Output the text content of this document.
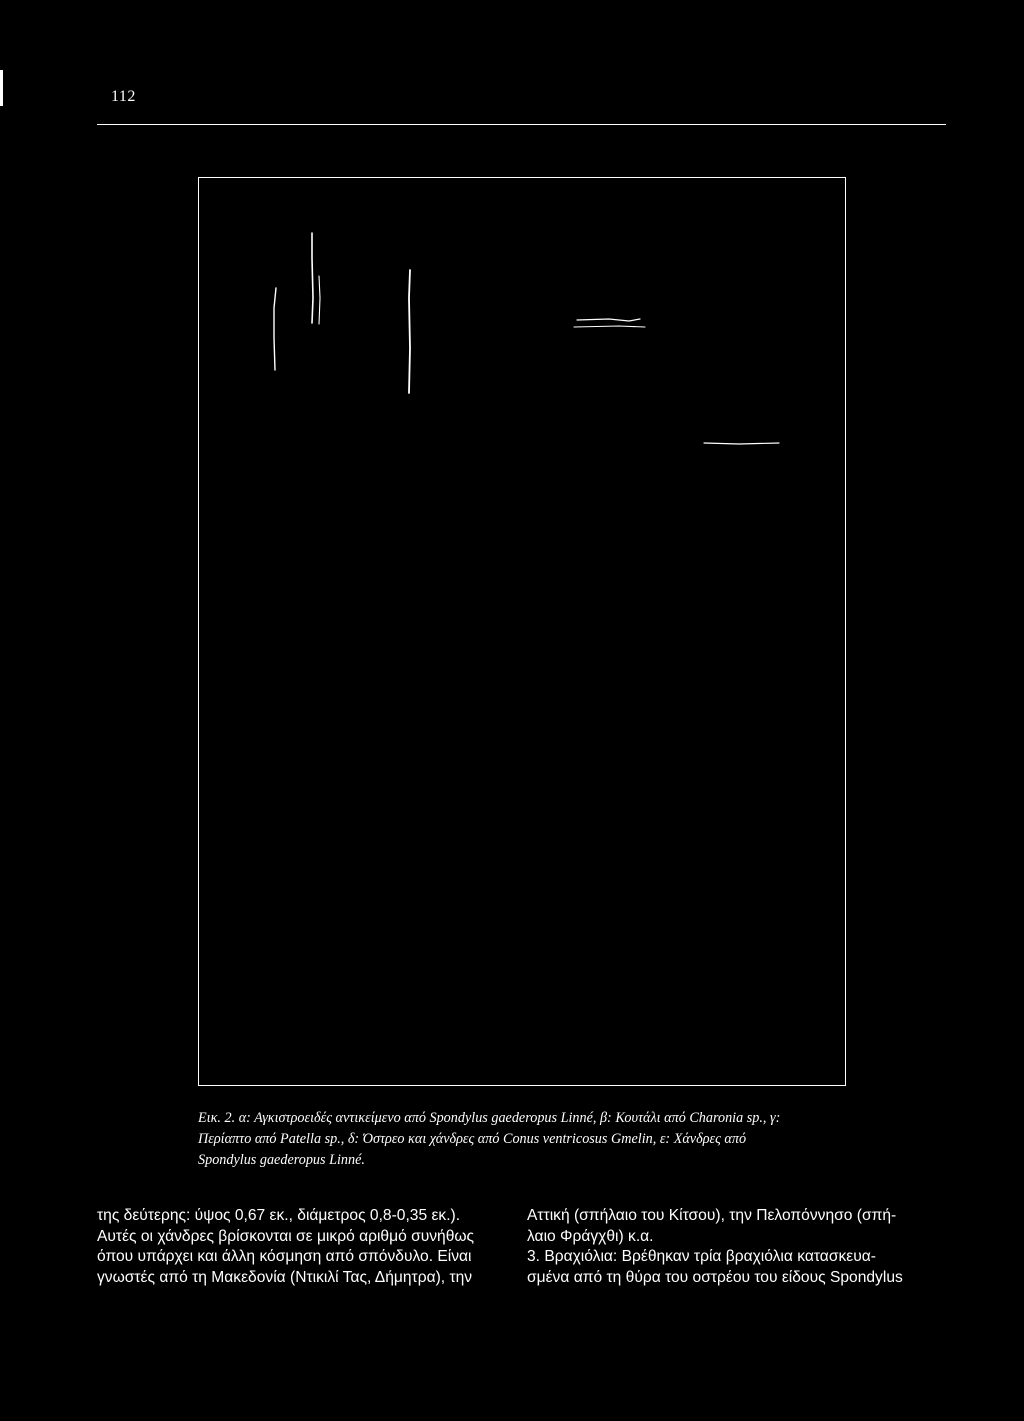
112
Εικ. 2. α: Αγκιστροειδές αντικείμενο από Spondylus gaederopus Linné, β: Κουτάλι από Charonia sp., γ:
Περίαπτο από Patella sp., δ: Όστρεο και χάνδρες από Conus ventricosus Gmelin, ε: Χάνδρες από
Spondylus gaederopus Linné.
της δεύτερης: ύψος 0,67 εκ., διάμετρος 0,8-0,35 εκ.).
Αυτές οι χάνδρες βρίσκονται σε μικρό αριθμό συνήθως
όπου υπάρχει και άλλη κόσμηση από σπόνδυλο. Είναι
γνωστές από τη Μακεδονία (Ντικιλί Τας, Δήμητρα), την
Αττική (σπήλαιο του Κίτσου), την Πελοπόννησο (σπή-
λαιο Φράγχθι) κ.α.
3. Βραχιόλια: Βρέθηκαν τρία βραχιόλια κατασκευα-
σμένα από τη θύρα του οστρέου του είδους Spondylus
